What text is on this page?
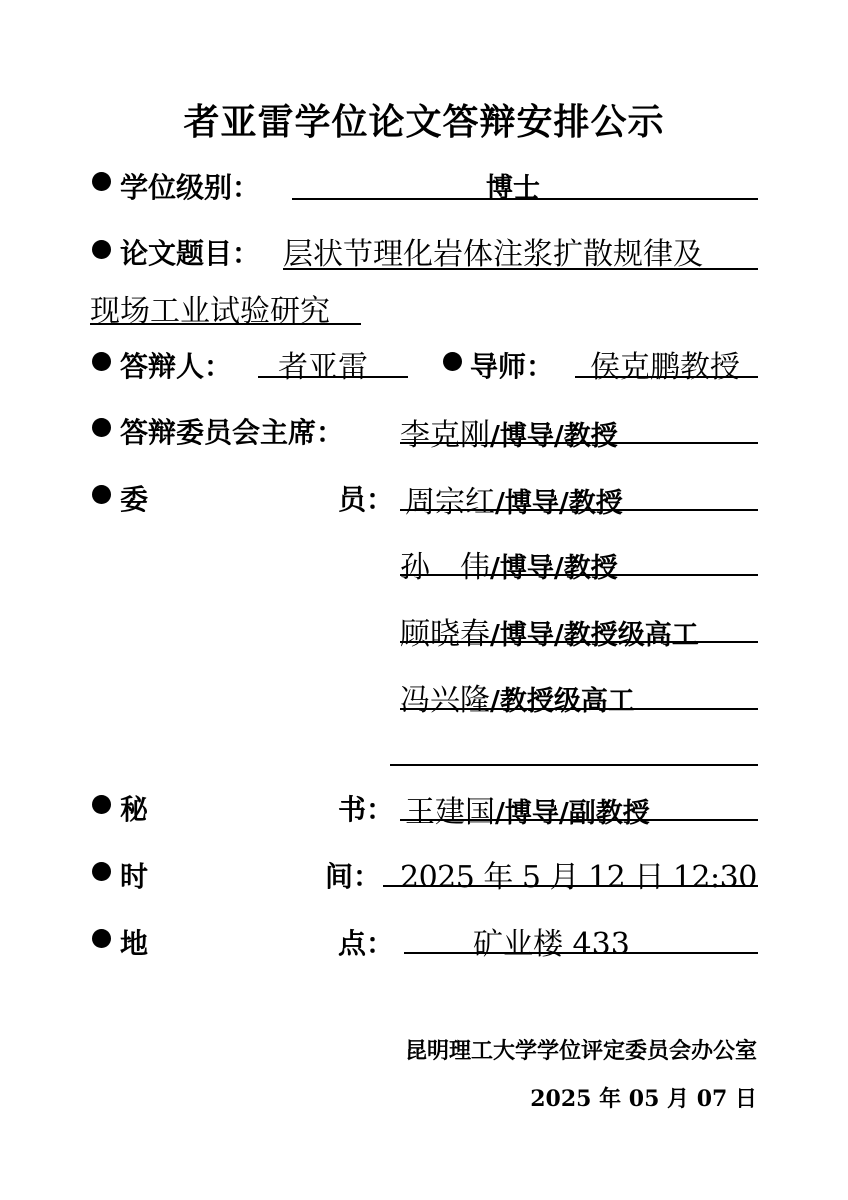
者亚雷学位论文答辩安排公示
学位级别：	博士
论文题目： 层状节理化岩体注浆扩散规律及
现场工业试验研究
答辩人： 者亚雷	导师： 侯克鹏教授
答辩委员会主席： 李克刚/博导/教授
委	员： 周宗红/博导/教授
孙　伟/博导/教授
顾晓春/博导/教授级高工
冯兴隆/教授级高工
秘	书： 王建国/博导/副教授
时	间： 2025 年 5 月 12 日 12:30
地	点：	矿业楼 433
昆明理工大学学位评定委员会办公室
2025 年 05 月 07 日
